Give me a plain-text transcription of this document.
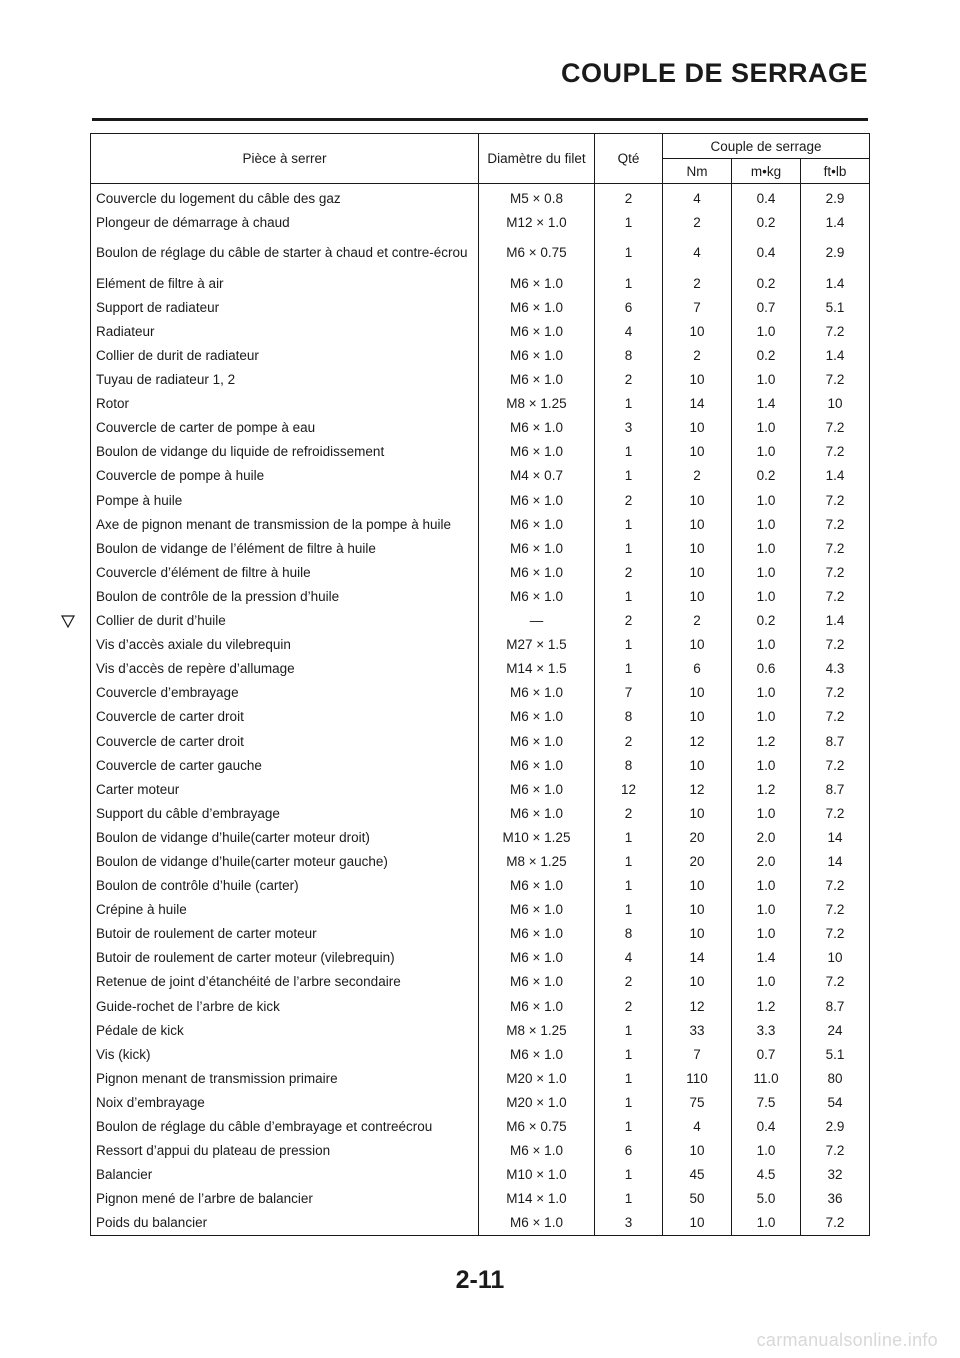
COUPLE DE SERRAGE
Pièce à serrer	Diamètre du filet	Qté	Couple de serrage		
			Nm	m•kg	ft•lb
Couvercle du logement du câble des gaz	M5 × 0.8	2	4	0.4	2.9
Plongeur de démarrage à chaud	M12 × 1.0	1	2	0.2	1.4
Boulon de réglage du câble de starter à chaud et contre-écrou	M6 × 0.75	1	4	0.4	2.9
Elément de filtre à air	M6 × 1.0	1	2	0.2	1.4
Support de radiateur	M6 × 1.0	6	7	0.7	5.1
Radiateur	M6 × 1.0	4	10	1.0	7.2
Collier de durit de radiateur	M6 × 1.0	8	2	0.2	1.4
Tuyau de radiateur 1, 2	M6 × 1.0	2	10	1.0	7.2
Rotor	M8 × 1.25	1	14	1.4	10
Couvercle de carter de pompe à eau	M6 × 1.0	3	10	1.0	7.2
Boulon de vidange du liquide de refroidissement	M6 × 1.0	1	10	1.0	7.2
Couvercle de pompe à huile	M4 × 0.7	1	2	0.2	1.4
Pompe à huile	M6 × 1.0	2	10	1.0	7.2
Axe de pignon menant de transmission de la pompe à huile	M6 × 1.0	1	10	1.0	7.2
Boulon de vidange de l’élément de filtre à huile	M6 × 1.0	1	10	1.0	7.2
Couvercle d’élément de filtre à huile	M6 × 1.0	2	10	1.0	7.2
Boulon de contrôle de la pression d’huile	M6 × 1.0	1	10	1.0	7.2
Collier de durit d’huile	—	2	2	0.2	1.4
Vis d’accès axiale du vilebrequin	M27 × 1.5	1	10	1.0	7.2
Vis d’accès de repère d’allumage	M14 × 1.5	1	6	0.6	4.3
Couvercle d’embrayage	M6 × 1.0	7	10	1.0	7.2
Couvercle de carter droit	M6 × 1.0	8	10	1.0	7.2
Couvercle de carter droit	M6 × 1.0	2	12	1.2	8.7
Couvercle de carter gauche	M6 × 1.0	8	10	1.0	7.2
Carter moteur	M6 × 1.0	12	12	1.2	8.7
Support du câble d’embrayage	M6 × 1.0	2	10	1.0	7.2
Boulon de vidange d’huile(carter moteur droit)	M10 × 1.25	1	20	2.0	14
Boulon de vidange d’huile(carter moteur gauche)	M8 × 1.25	1	20	2.0	14
Boulon de contrôle d’huile (carter)	M6 × 1.0	1	10	1.0	7.2
Crépine à huile	M6 × 1.0	1	10	1.0	7.2
Butoir de roulement de carter moteur	M6 × 1.0	8	10	1.0	7.2
Butoir de roulement de carter moteur (vilebrequin)	M6 × 1.0	4	14	1.4	10
Retenue de joint d’étanchéité de l’arbre secondaire	M6 × 1.0	2	10	1.0	7.2
Guide-rochet de l’arbre de kick	M6 × 1.0	2	12	1.2	8.7
Pédale de kick	M8 × 1.25	1	33	3.3	24
Vis (kick)	M6 × 1.0	1	7	0.7	5.1
Pignon menant de transmission primaire	M20 × 1.0	1	110	11.0	80
Noix d’embrayage	M20 × 1.0	1	75	7.5	54
Boulon de réglage du câble d’embrayage et contreécrou	M6 × 0.75	1	4	0.4	2.9
Ressort d’appui du plateau de pression	M6 × 1.0	6	10	1.0	7.2
Balancier	M10 × 1.0	1	45	4.5	32
Pignon mené de l’arbre de balancier	M14 × 1.0	1	50	5.0	36
Poids du balancier	M6 × 1.0	3	10	1.0	7.2
2-11
carmanualsonline.info
